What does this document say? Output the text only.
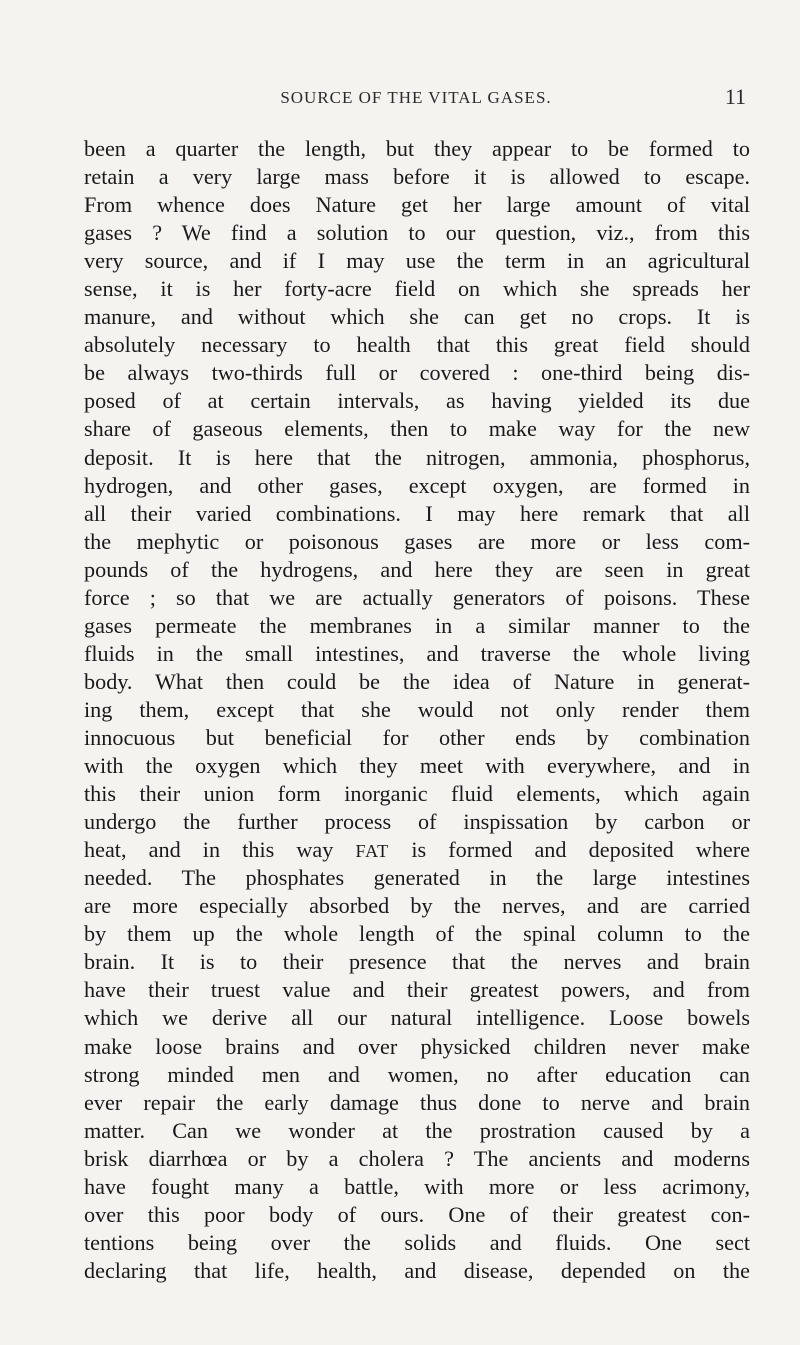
SOURCE OF THE VITAL GASES.	11
been a quarter the length, but they appear to be formed to
retain a very large mass before it is allowed to escape.
From whence does Nature get her large amount of vital
gases ? We find a solution to our question, viz., from this
very source, and if I may use the term in an agricultural
sense, it is her forty-acre field on which she spreads her
manure, and without which she can get no crops. It is
absolutely necessary to health that this great field should
be always two-thirds full or covered : one-third being dis-
posed of at certain intervals, as having yielded its due
share of gaseous elements, then to make way for the new
deposit. It is here that the nitrogen, ammonia, phosphorus,
hydrogen, and other gases, except oxygen, are formed in
all their varied combinations. I may here remark that all
the mephytic or poisonous gases are more or less com-
pounds of the hydrogens, and here they are seen in great
force ; so that we are actually generators of poisons. These
gases permeate the membranes in a similar manner to the
fluids in the small intestines, and traverse the whole living
body. What then could be the idea of Nature in generat-
ing them, except that she would not only render them
innocuous but beneficial for other ends by combination
with the oxygen which they meet with everywhere, and in
this their union form inorganic fluid elements, which again
undergo the further process of inspissation by carbon or
heat, and in this way FAT is formed and deposited where
needed. The phosphates generated in the large intestines
are more especially absorbed by the nerves, and are carried
by them up the whole length of the spinal column to the
brain. It is to their presence that the nerves and brain
have their truest value and their greatest powers, and from
which we derive all our natural intelligence. Loose bowels
make loose brains and over physicked children never make
strong minded men and women, no after education can
ever repair the early damage thus done to nerve and brain
matter. Can we wonder at the prostration caused by a
brisk diarrhœa or by a cholera ? The ancients and moderns
have fought many a battle, with more or less acrimony,
over this poor body of ours. One of their greatest con-
tentions being over the solids and fluids. One sect
declaring that life, health, and disease, depended on the
